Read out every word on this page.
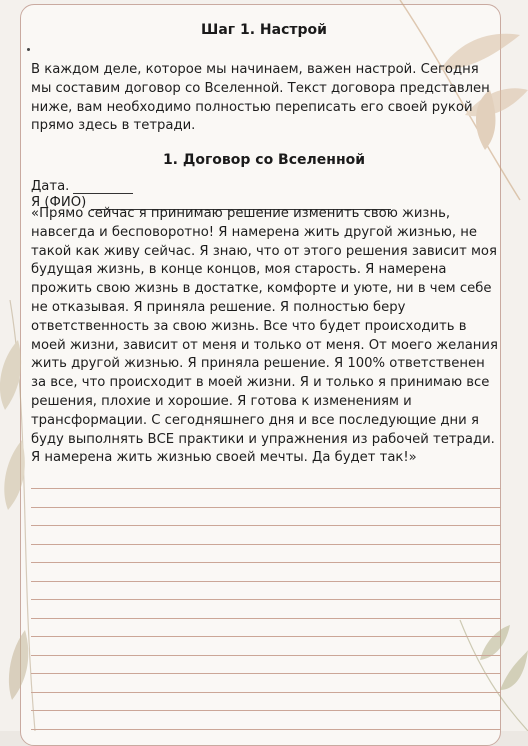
Шаг 1. Настрой
В каждом деле, которое мы начинаем, важен настрой. Сегодня мы составим договор со Вселенной. Текст договора представлен ниже, вам необходимо полностью переписать его своей рукой прямо здесь в тетради.
1. Договор со Вселенной
Дата.
Я (ФИО)
«Прямо сейчас я принимаю решение изменить свою жизнь, навсегда и бесповоротно! Я намерена жить другой жизнью, не такой как живу сейчас. Я знаю, что от этого решения зависит моя будущая жизнь, в конце концов, моя старость. Я намерена прожить свою жизнь в достатке, комфорте и уюте, ни в чем себе не отказывая. Я приняла решение. Я полностью беру ответственность за свою жизнь. Все что будет происходить в моей жизни, зависит от меня и только от меня. От моего желания жить другой жизнью. Я приняла решение. Я 100% ответственен за все, что происходит в моей жизни. Я и только я принимаю все решения, плохие и хорошие. Я готова к изменениям и трансформации. С сегодняшнего дня и все последующие дни я буду выполнять ВСЕ практики и упражнения из рабочей тетради. Я намерена жить жизнью своей мечты. Да будет так!»
